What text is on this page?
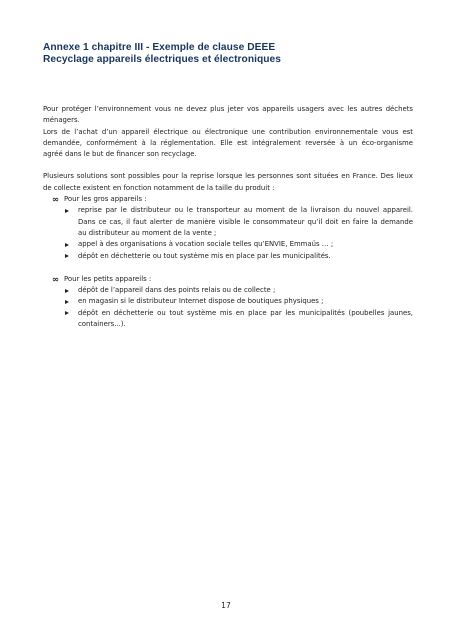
Annexe 1 chapitre III - Exemple de clause DEEE
Recyclage appareils électriques et électroniques
Pour protéger l’environnement vous ne devez plus jeter vos appareils usagers avec les autres déchets
ménagers.
Lors de l’achat d’un appareil électrique ou électronique une contribution environnementale vous est
demandée, conformément à la réglementation. Elle est intégralement reversée à un éco-organisme
agréé dans le but de financer son recyclage.
Plusieurs solutions sont possibles pour la reprise lorsque les personnes sont situées en France. Des lieux
de collecte existent en fonction notamment de la taille du produit :
∞ Pour les gros appareils :
reprise par le distributeur ou le transporteur au moment de la livraison du nouvel appareil.
Dans ce cas, il faut alerter de manière visible le consommateur qu’il doit en faire la demande
au distributeur au moment de la vente ;
appel à des organisations à vocation sociale telles qu’ENVIE, Emmaüs … ;
dépôt en déchetterie ou tout système mis en place par les municipalités.
∞ Pour les petits appareils :
dépôt de l’appareil dans des points relais ou de collecte ;
en magasin si le distributeur Internet dispose de boutiques physiques ;
dépôt en déchetterie ou tout système mis en place par les municipalités (poubelles jaunes,
containers...).
17
